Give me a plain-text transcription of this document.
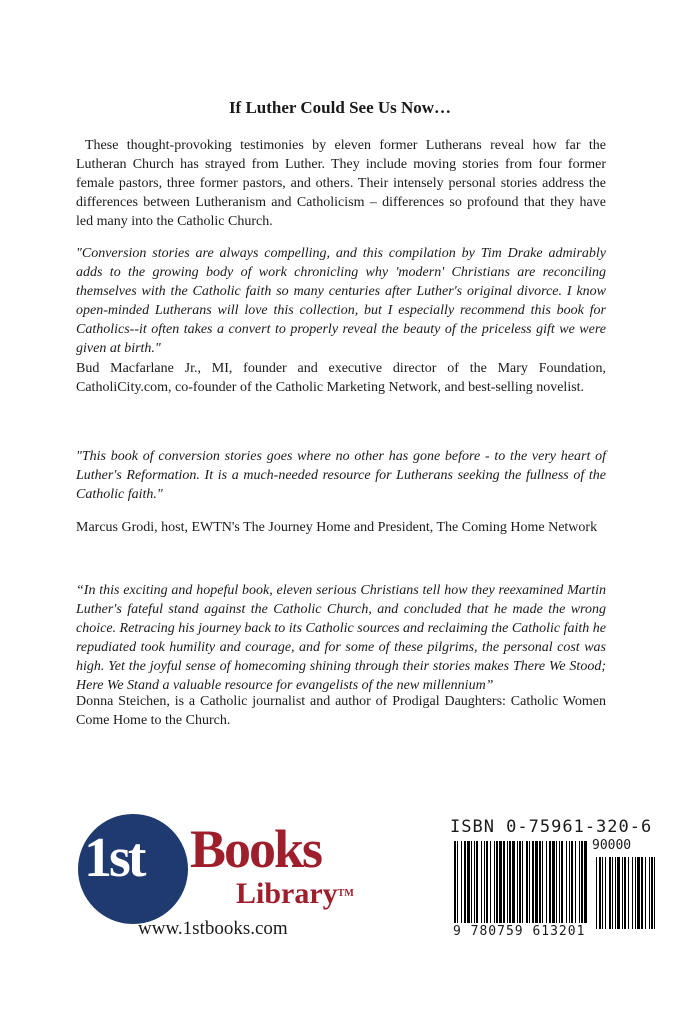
If Luther Could See Us Now…
These thought-provoking testimonies by eleven former Lutherans reveal how far the Lutheran Church has strayed from Luther. They include moving stories from four former female pastors, three former pastors, and others. Their intensely personal stories address the differences between Lutheranism and Catholicism – differences so profound that they have led many into the Catholic Church.
"Conversion stories are always compelling, and this compilation by Tim Drake admirably adds to the growing body of work chronicling why 'modern' Christians are reconciling themselves with the Catholic faith so many centuries after Luther's original divorce. I know open-minded Lutherans will love this collection, but I especially recommend this book for Catholics--it often takes a convert to properly reveal the beauty of the priceless gift we were given at birth."
Bud Macfarlane Jr., MI, founder and executive director of the Mary Foundation, CatholiCity.com, co-founder of the Catholic Marketing Network, and best-selling novelist.
"This book of conversion stories goes where no other has gone before - to the very heart of Luther's Reformation. It is a much-needed resource for Lutherans seeking the fullness of the Catholic faith."
Marcus Grodi, host, EWTN's The Journey Home and President, The Coming Home Network
“In this exciting and hopeful book, eleven serious Christians tell how they reexamined Martin Luther's fateful stand against the Catholic Church, and concluded that he made the wrong choice. Retracing his journey back to its Catholic sources and reclaiming the Catholic faith he repudiated took humility and courage, and for some of these pilgrims, the personal cost was high. Yet the joyful sense of homecoming shining through their stories makes There We Stood; Here We Stand a valuable resource for evangelists of the new millennium”
Donna Steichen, is a Catholic journalist and author of Prodigal Daughters: Catholic Women Come Home to the Church.
1st Books
Library™
www.1stbooks.com
ISBN 0-75961-320-6
90000
9 780759 613201
